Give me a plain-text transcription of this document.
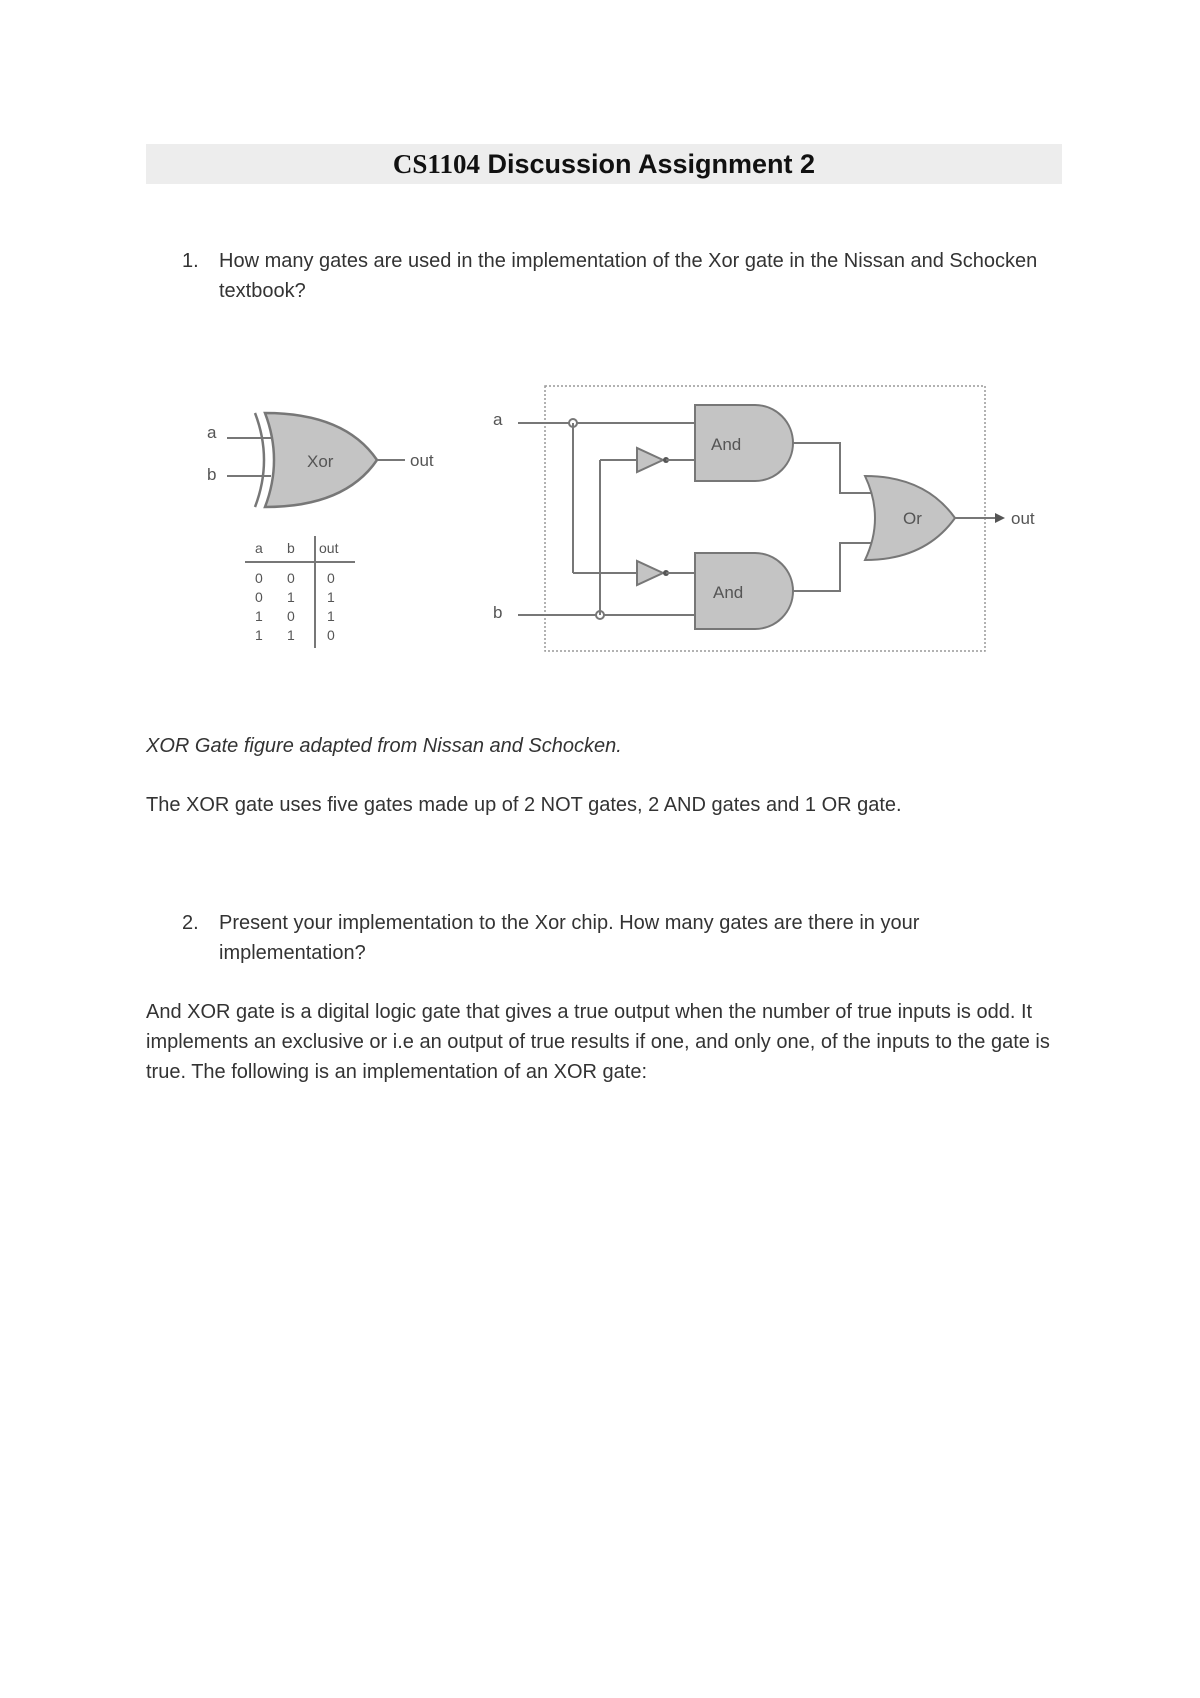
CS1104 Discussion Assignment 2
1. How many gates are used in the implementation of the Xor gate in the Nissan and Schocken textbook?
a
b
Xor	out
a b out
0 0 0
0 1 1
1 0 1
1 1 0
a
b
And
And
Or	out
XOR Gate figure adapted from Nissan and Schocken.
The XOR gate uses five gates made up of 2 NOT gates, 2 AND gates and 1 OR gate.
2. Present your implementation to the Xor chip. How many gates are there in your implementation?
And XOR gate is a digital logic gate that gives a true output when the number of true inputs is odd. It implements an exclusive or i.e an output of true results if one, and only one, of the inputs to the gate is true. The following is an implementation of an XOR gate:
